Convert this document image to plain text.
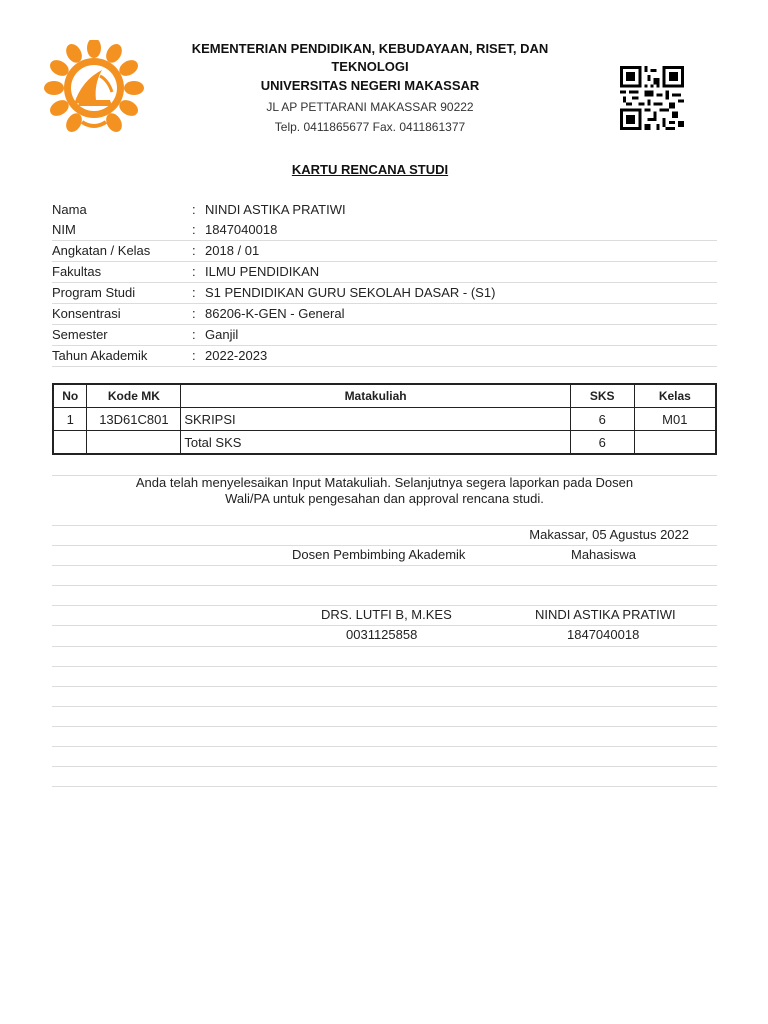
KEMENTERIAN PENDIDIKAN, KEBUDAYAAN, RISET, DAN
TEKNOLOGI
UNIVERSITAS NEGERI MAKASSAR
JL AP PETTARANI MAKASSAR 90222
Telp. 0411865677 Fax. 0411861377
KARTU RENCANA STUDI
Nama	: NINDI ASTIKA PRATIWI
NIM	: 1847040018
Angkatan / Kelas	: 2018 / 01
Fakultas	: ILMU PENDIDIKAN
Program Studi	: S1 PENDIDIKAN GURU SEKOLAH DASAR - (S1)
Konsentrasi	: 86206-K-GEN - General
Semester	: Ganjil
Tahun Akademik	: 2022-2023
No	Kode MK	Matakuliah	SKS	Kelas
1	13D61C801	SKRIPSI	6	M01
		Total SKS	6	
Anda telah menyelesaikan Input Matakuliah. Selanjutnya segera laporkan pada Dosen
Wali/PA untuk pengesahan dan approval rencana studi.
Makassar, 05 Agustus 2022
Dosen Pembimbing Akademik	Mahasiswa
DRS. LUTFI B, M.KES	NINDI ASTIKA PRATIWI
0031125858	1847040018
